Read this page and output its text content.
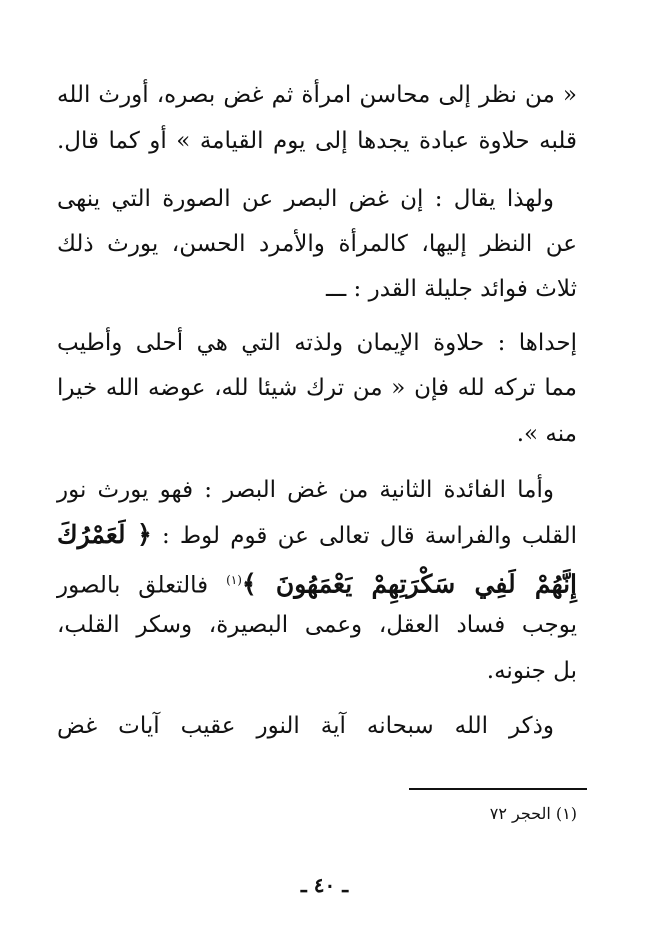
« من نظر إلى محاسن امرأة ثم غض بصره، أورث الله
قلبه حلاوة عبادة يجدها إلى يوم القيامة » أو كما قال.
ولهذا يقال : إن غض البصر عن الصورة التي ينهى
عن النظر إليها، كالمرأة والأمرد الحسن، يورث ذلك
ثلاث فوائد جليلة القدر : ـــ
إحداها : حلاوة الإيمان ولذته التي هي أحلى وأطيب
مما تركه لله فإن « من ترك شيئا لله، عوضه الله خيرا
منه ».
وأما الفائدة الثانية من غض البصر : فهو يورث نور
القلب والفراسة قال تعالى عن قوم لوط : ﴿ لَعَمْرُكَ
إِنَّهُمْ لَفِي سَكْرَتِهِمْ يَعْمَهُونَ ﴾$^{(١)}$ فالتعلق بالصور
يوجب فساد العقل، وعمى البصيرة، وسكر القلب،
بل جنونه.
وذكر الله سبحانه آية النور عقيب آيات غض
(١) الحجر ٧٢
ـ ٤٠ ـ
